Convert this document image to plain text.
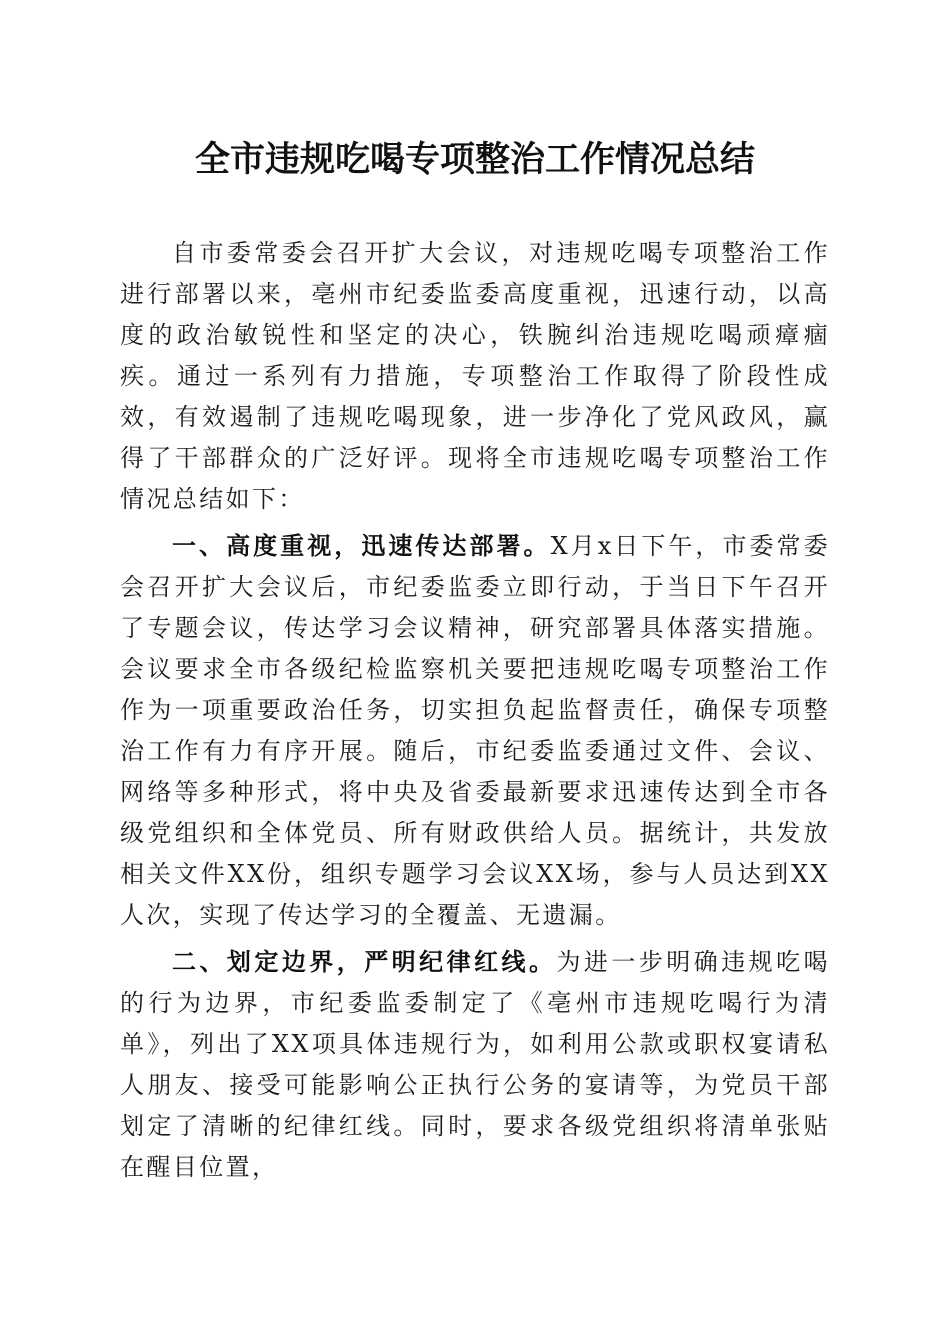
全市违规吃喝专项整治工作情况总结

自市委常委会召开扩大会议，对违规吃喝专项整治工作进行部署以来，亳州市纪委监委高度重视，迅速行动，以高度的政治敏锐性和坚定的决心，铁腕纠治违规吃喝顽瘴痼疾。通过一系列有力措施，专项整治工作取得了阶段性成效，有效遏制了违规吃喝现象，进一步净化了党风政风，赢得了干部群众的广泛好评。现将全市违规吃喝专项整治工作情况总结如下：

一、高度重视，迅速传达部署。X月x日下午，市委常委会召开扩大会议后，市纪委监委立即行动，于当日下午召开了专题会议，传达学习会议精神，研究部署具体落实措施。会议要求全市各级纪检监察机关要把违规吃喝专项整治工作作为一项重要政治任务，切实担负起监督责任，确保专项整治工作有力有序开展。随后，市纪委监委通过文件、会议、网络等多种形式，将中央及省委最新要求迅速传达到全市各级党组织和全体党员、所有财政供给人员。据统计，共发放相关文件XX份，组织专题学习会议XX场，参与人员达到XX人次，实现了传达学习的全覆盖、无遗漏。

二、划定边界，严明纪律红线。为进一步明确违规吃喝的行为边界，市纪委监委制定了《亳州市违规吃喝行为清单》，列出了XX项具体违规行为，如利用公款或职权宴请私人朋友、接受可能影响公正执行公务的宴请等，为党员干部划定了清晰的纪律红线。同时，要求各级党组织将清单张贴在醒目位置，
